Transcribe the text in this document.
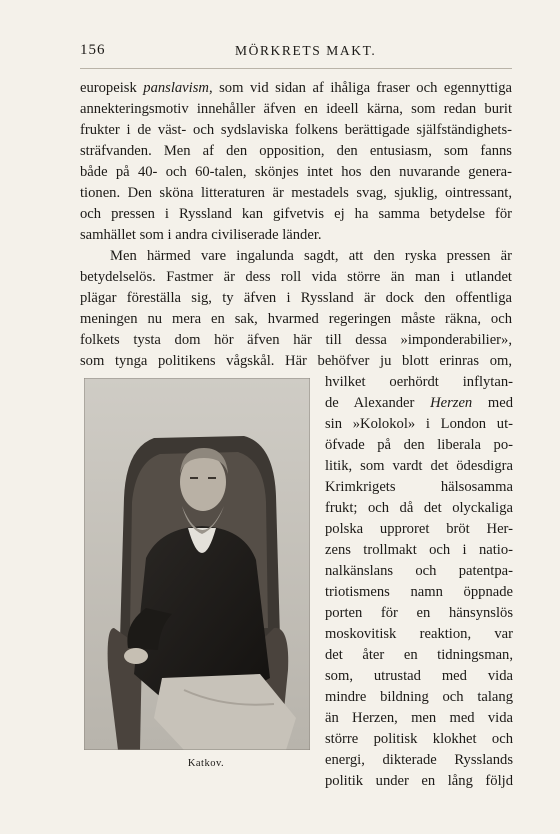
156	MÖRKRETS MAKT.

europeisk panslavism, som vid sidan af ihåliga fraser och egennyttiga
annekteringsmotiv innehåller äfven en ideell kärna, som redan burit
frukter i de väst- och sydslaviska folkens berättigade själfständighets-
sträfvanden. Men af den opposition, den entusiasm, som fanns
både på 40- och 60-talen, skönjes intet hos den nuvarande genera-
tionen. Den sköna litteraturen är mestadels svag, sjuklig, ointressant,
och pressen i Ryssland kan gifvetvis ej ha samma betydelse för
samhället som i andra civiliserade länder.

Men härmed vare ingalunda sagdt, att den ryska pressen är
betydelselös. Fastmer är dess roll vida större än man i utlandet
plägar föreställa sig, ty äfven i Ryssland är dock den offentliga
meningen nu mera en sak, hvarmed regeringen måste räkna, och
folkets tysta dom hör äfven här till dessa »imponderabilier»,
som tynga politikens vågskål. Här behöfver ju blott erinras om,

hvilket oerhördt inflytan-
de Alexander Herzen med
sin »Kolokol» i London ut-
öfvade på den liberala po-
litik, som vardt det ödesdigra
Krimkrigets hälsosamma
frukt; och då det olyckaliga
polska upproret bröt Her-
zens trollmakt och i natio-
nalkänslans och patentpa-
triotismens namn öppnade
porten för en hänsynslös
moskovitisk reaktion, var
det åter en tidningsman,
som, utrustad med vida
mindre bildning och talang
än Herzen, men med vida
större politisk klokhet och
energi, dikterade Rysslands
politik under en lång följd

Katkov.
